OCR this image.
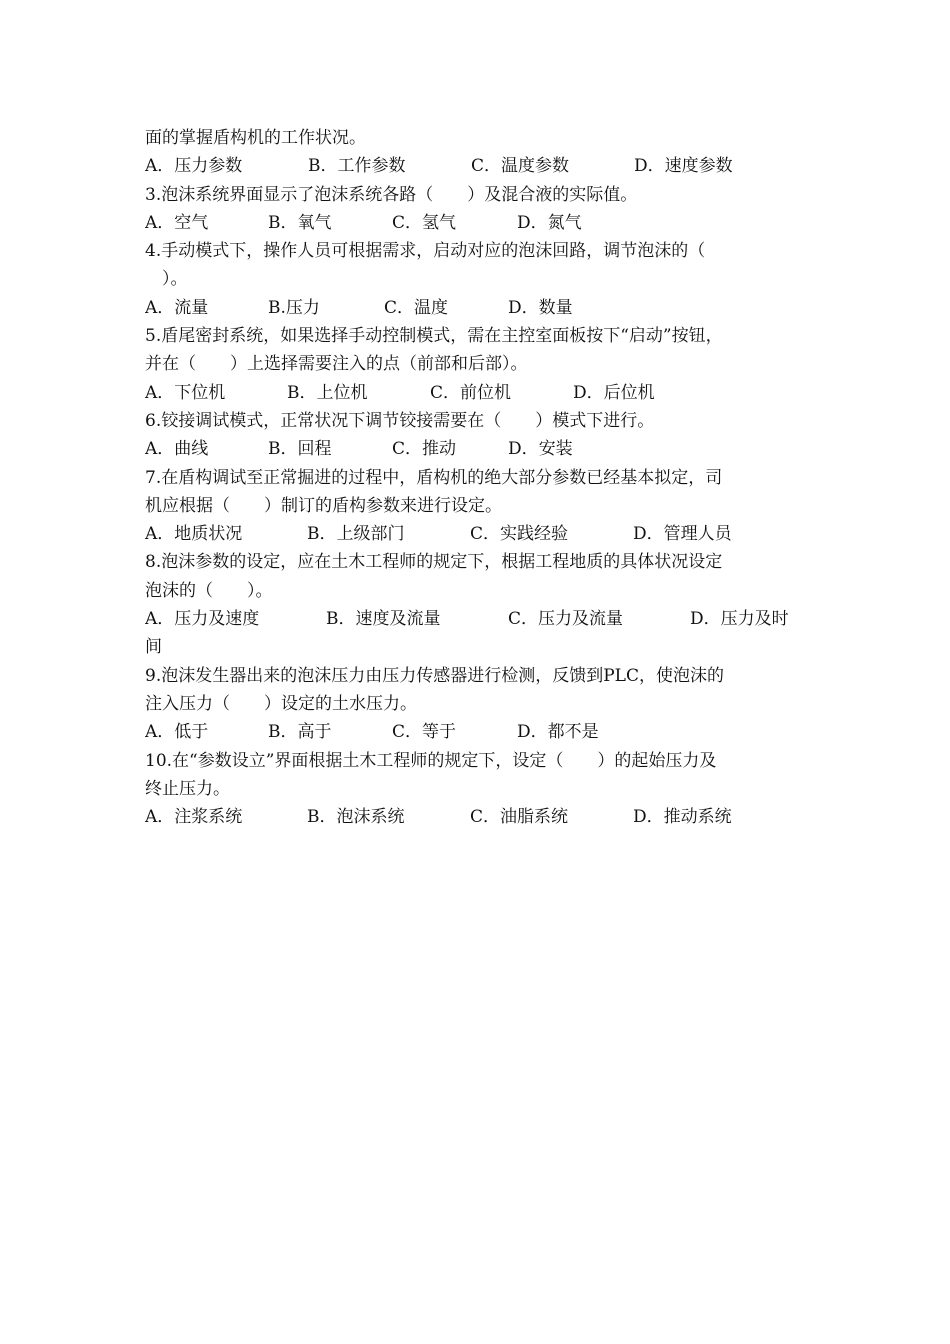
面的掌握盾构机的工作状况。
A．压力参数	B．工作参数	C．温度参数	D．速度参数
3.泡沫系统界面显示了泡沫系统各路（　　）及混合液的实际值。
A．空气	B．氧气	C．氢气	D．氮气
4.手动模式下，操作人员可根据需求，启动对应的泡沫回路，调节泡沫的（
　）。
A．流量	B.压力	C．温度	D．数量
5.盾尾密封系统，如果选择手动控制模式，需在主控室面板按下“启动”按钮，
并在（　　）上选择需要注入的点（前部和后部）。
A．下位机	B．上位机	C．前位机	D．后位机
6.铰接调试模式，正常状况下调节铰接需要在（　　）模式下进行。
A．曲线	B．回程	C．推动	D．安装
7.在盾构调试至正常掘进的过程中，盾构机的绝大部分参数已经基本拟定，司
机应根据（　　）制订的盾构参数来进行设定。
A．地质状况	B．上级部门	C．实践经验	D．管理人员
8.泡沫参数的设定，应在土木工程师的规定下，根据工程地质的具体状况设定
泡沫的（　　）。
A．压力及速度	B．速度及流量	C．压力及流量	D．压力及时
间
9.泡沫发生器出来的泡沫压力由压力传感器进行检测，反馈到PLC，使泡沫的
注入压力（　　）设定的土水压力。
A．低于	B．高于	C．等于	D．都不是
10.在“参数设立”界面根据土木工程师的规定下，设定（　　）的起始压力及
终止压力。
A．注浆系统	B．泡沫系统	C．油脂系统	D．推动系统
